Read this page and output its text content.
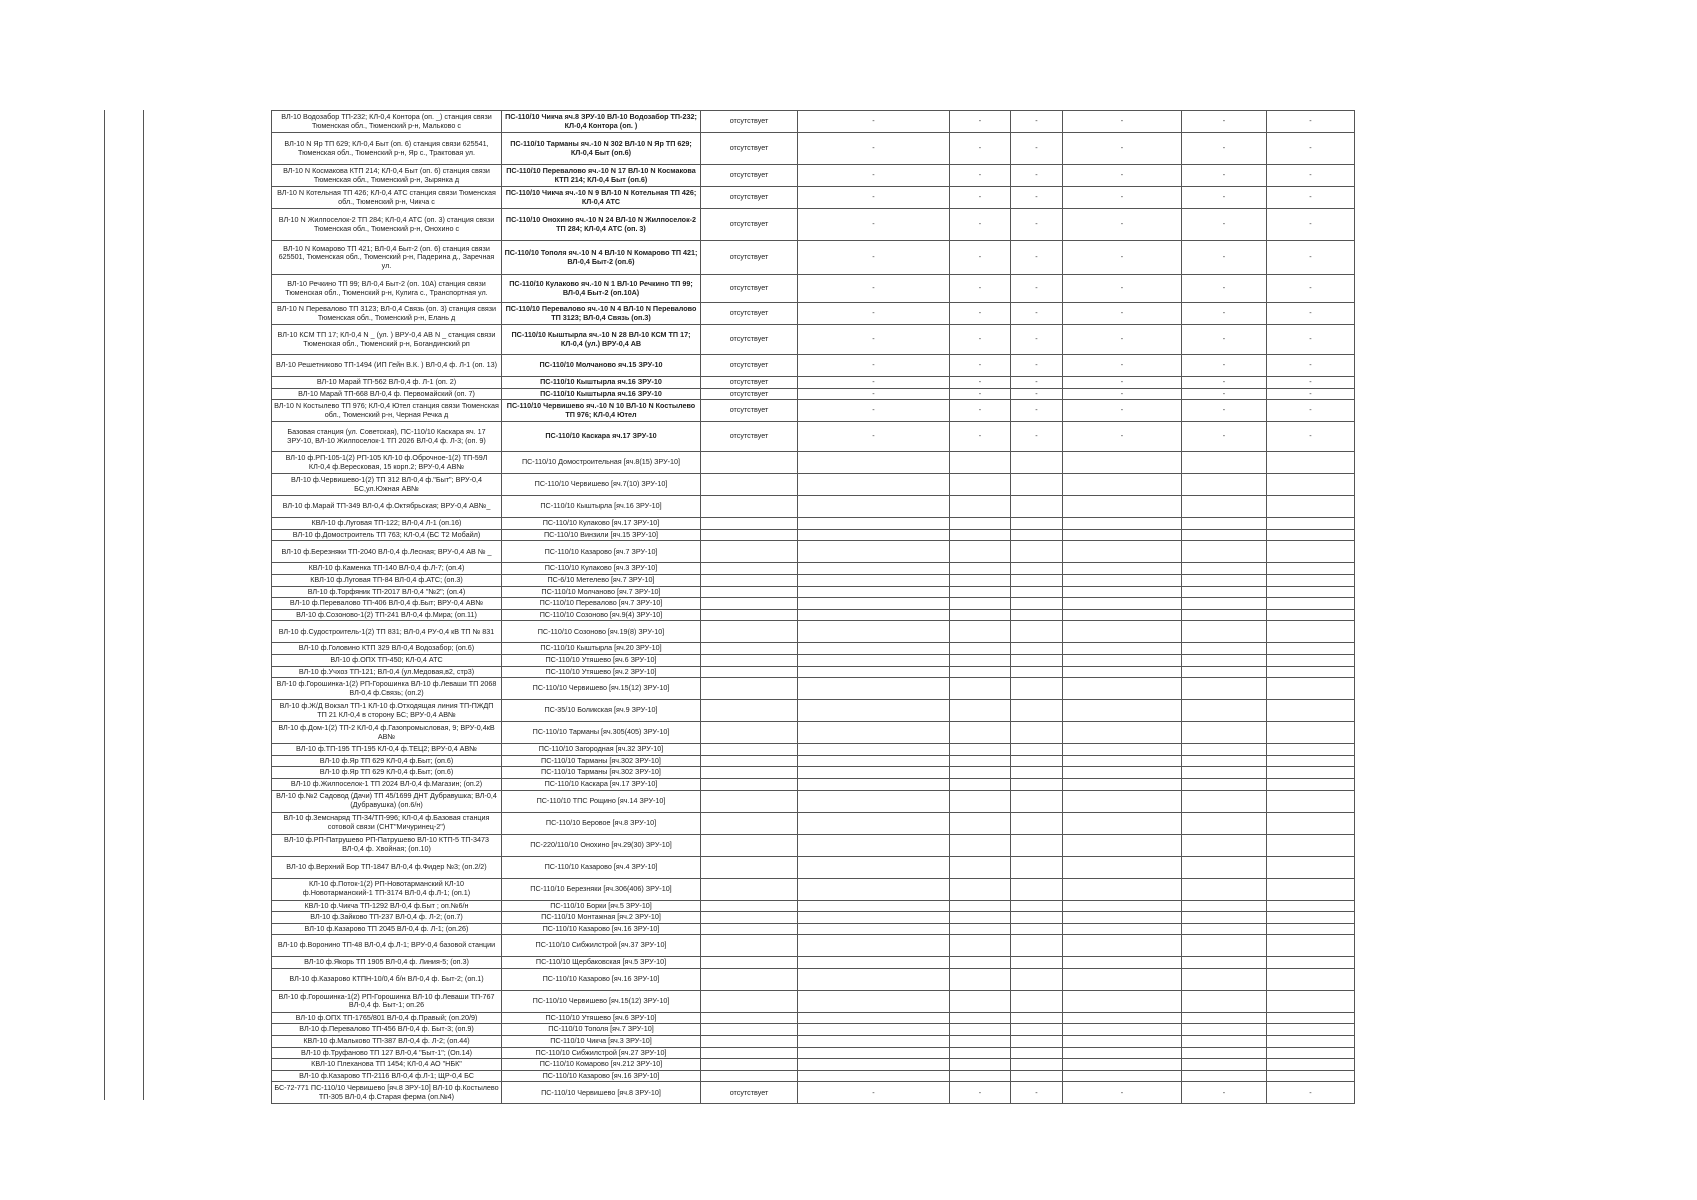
ВЛ-10 Водозабор ТП-232; КЛ-0,4 Контора (оп. _) станция связи Тюменская обл., Тюменский р-н, Мальково с	ПС-110/10 Чикча яч.8 ЗРУ-10 ВЛ-10 Водозабор ТП-232; КЛ-0,4 Контора (оп. )	отсутствует	-	-	-	-	-	-
ВЛ-10 N Яр ТП 629; КЛ-0,4 Быт (оп. 6) станция связи 625541, Тюменская обл., Тюменский р-н, Яр с., Трактовая ул.	ПС-110/10 Тарманы яч.-10 N 302 ВЛ-10 N Яр ТП 629; КЛ-0,4 Быт (оп.6)	отсутствует	-	-	-	-	-	-
ВЛ-10 N Космакова КТП 214; КЛ-0,4 Быт (оп. 6) станция связи Тюменская обл., Тюменский р-н, Зырянка д	ПС-110/10 Перевалово яч.-10 N 17 ВЛ-10 N Космакова КТП 214; КЛ-0,4 Быт (оп.6)	отсутствует	-	-	-	-	-	-
ВЛ-10 N Котельная ТП 426; КЛ-0,4 АТС станция связи Тюменская обл., Тюменский р-н, Чикча с	ПС-110/10 Чикча яч.-10 N 9 ВЛ-10 N Котельная ТП 426; КЛ-0,4 АТС	отсутствует	-	-	-	-	-	-
ВЛ-10 N Жилпоселок-2 ТП 284; КЛ-0,4 АТС (оп. 3) станция связи Тюменская обл., Тюменский р-н, Онохино с	ПС-110/10 Онохино яч.-10 N 24 ВЛ-10 N Жилпоселок-2 ТП 284; КЛ-0,4 АТС (оп. 3)	отсутствует	-	-	-	-	-	-
ВЛ-10 N Комарово ТП 421; ВЛ-0,4 Быт-2 (оп. 6) станция связи 625501, Тюменская обл., Тюменский р-н, Падерина д., Заречная ул.	ПС-110/10 Тополя яч.-10 N 4 ВЛ-10 N Комарово ТП 421; ВЛ-0,4 Быт-2 (оп.6)	отсутствует	-	-	-	-	-	-
ВЛ-10 Речкино ТП 99; ВЛ-0,4 Быт-2 (оп. 10А) станция связи Тюменская обл., Тюменский р-н, Кулига с., Транспортная ул.	ПС-110/10 Кулаково яч.-10 N 1 ВЛ-10 Речкино ТП 99; ВЛ-0,4 Быт-2 (оп.10А)	отсутствует	-	-	-	-	-	-
ВЛ-10 N Перевалово ТП 3123; ВЛ-0,4 Связь (оп. 3) станция связи Тюменская обл., Тюменский р-н, Елань д	ПС-110/10 Перевалово яч.-10 N 4 ВЛ-10 N Перевалово ТП 3123; ВЛ-0,4 Связь (оп.3)	отсутствует	-	-	-	-	-	-
ВЛ-10 КСМ ТП 17; КЛ-0,4 N _ (ул. ) ВРУ-0,4 АВ N _ станция связи Тюменская обл., Тюменский р-н, Богандинский рп	ПС-110/10 Кыштырла яч.-10 N 28 ВЛ-10 КСМ ТП 17; КЛ-0,4 (ул.) ВРУ-0,4 АВ	отсутствует	-	-	-	-	-	-
ВЛ-10 Решетниково ТП-1494 (ИП Гейн В.К. ) ВЛ-0,4 ф. Л-1 (оп. 13)	ПС-110/10 Молчаново яч.15 ЗРУ-10	отсутствует	-	-	-	-	-	-
ВЛ-10 Марай ТП-562 ВЛ-0,4 ф. Л-1 (оп. 2)	ПС-110/10 Кыштырла яч.16 ЗРУ-10	отсутствует	-	-	-	-	-	-
ВЛ-10 Марай ТП-668 ВЛ-0,4 ф. Первомайский (оп. 7)	ПС-110/10 Кыштырла яч.16 ЗРУ-10	отсутствует	-	-	-	-	-	-
ВЛ-10 N Костылево ТП 976; КЛ-0,4 Ютел станция связи Тюменская обл., Тюменский р-н, Черная Речка д	ПС-110/10 Червишево яч.-10 N 10 ВЛ-10 N Костылево ТП 976; КЛ-0,4 Ютел	отсутствует	-	-	-	-	-	-
Базовая станция (ул. Советская), ПС-110/10 Каскара яч. 17 ЗРУ-10, ВЛ-10 Жилпоселок-1 ТП 2026 ВЛ-0,4 ф. Л-3; (оп. 9)	ПС-110/10 Каскара яч.17 ЗРУ-10	отсутствует	-	-	-	-	-	-
ВЛ-10 ф.РП-105-1(2) РП-105 КЛ-10 ф.Оброчное-1(2) ТП-59Л КЛ-0,4 ф.Вересковая, 15 корп.2; ВРУ-0,4 АВ№	ПС-110/10 Домостроительная [яч.8(15) ЗРУ-10]							
ВЛ-10 ф.Червишево-1(2) ТП 312 ВЛ-0,4 ф."Быт"; ВРУ-0,4 БС,ул.Южная АВ№	ПС-110/10 Червишево [яч.7(10) ЗРУ-10]							
ВЛ-10 ф.Марай ТП-349 ВЛ-0,4 ф.Октябрьская; ВРУ-0,4 АВ№_	ПС-110/10 Кыштырла [яч.16 ЗРУ-10]							
КВЛ-10 ф.Луговая ТП-122; ВЛ-0,4 Л-1 (оп.16)	ПС-110/10 Кулаково [яч.17 ЗРУ-10]							
ВЛ-10 ф.Домостроитель ТП 763; КЛ-0,4 (БС Т2 Мобайл)	ПС-110/10 Винзили [яч.15 ЗРУ-10]							
ВЛ-10 ф.Березняки ТП-2040 ВЛ-0,4 ф.Лесная; ВРУ-0,4 АВ № _	ПС-110/10 Казарово [яч.7 ЗРУ-10]							
КВЛ-10 ф.Каменка ТП-140 ВЛ-0,4 ф.Л-7; (оп.4)	ПС-110/10 Кулаково [яч.3 ЗРУ-10]							
КВЛ-10 ф.Луговая ТП-84 ВЛ-0,4 ф.АТС; (оп.3)	ПС-6/10 Метелево [яч.7 ЗРУ-10]							
ВЛ-10 ф.Торфяник ТП-2017 ВЛ-0,4 "№2"; (оп.4)	ПС-110/10 Молчаново [яч.7 ЗРУ-10]							
ВЛ-10 ф.Перевалово ТП-406 ВЛ-0,4 ф.Быт; ВРУ-0,4 АВ№	ПС-110/10 Перевалово [яч.7 ЗРУ-10]							
ВЛ-10 ф.Созоново-1(2) ТП-241 ВЛ-0,4 ф.Мира; (оп.11)	ПС-110/10 Созоново [яч.9(4) ЗРУ-10]							
ВЛ-10 ф.Судостроитель-1(2) ТП 831; ВЛ-0,4 РУ-0,4 кВ ТП № 831	ПС-110/10 Созоново [яч.19(8) ЗРУ-10]							
ВЛ-10 ф.Головино КТП 329 ВЛ-0,4 Водозабор; (оп.6)	ПС-110/10 Кыштырла [яч.20 ЗРУ-10]							
ВЛ-10 ф.ОПХ ТП-450; КЛ-0,4 АТС	ПС-110/10 Утяшево [яч.6 ЗРУ-10]							
ВЛ-10 ф.Учхоз ТП-121; ВЛ-0,4 (ул.Медовая,в2, стр3)	ПС-110/10 Утяшево [яч.2 ЗРУ-10]							
ВЛ-10 ф.Горошинка-1(2) РП-Горошинка ВЛ-10 ф.Леваши ТП 2068 ВЛ-0,4 ф.Связь; (оп.2)	ПС-110/10 Червишево [яч.15(12) ЗРУ-10]							
ВЛ-10 ф.Ж/Д Вокзал ТП-1 КЛ-10 ф.Отходящая линия ТП-ПЖДП ТП 21 КЛ-0,4 в сторону БС; ВРУ-0,4 АВ№	ПС-35/10 Боликская [яч.9 ЗРУ-10]							
ВЛ-10 ф.Дом-1(2) ТП-2 КЛ-0,4 ф.Газопромысловая, 9; ВРУ-0,4кВ АВ№	ПС-110/10 Тарманы [яч.305(405) ЗРУ-10]							
ВЛ-10 ф.ТП-195 ТП-195 КЛ-0,4 ф.ТЕЦ2; ВРУ-0,4 АВ№	ПС-110/10 Загородная [яч.32 ЗРУ-10]							
ВЛ-10 ф.Яр ТП 629 КЛ-0,4 ф.Быт; (оп.6)	ПС-110/10 Тарманы [яч.302 ЗРУ-10]							
ВЛ-10 ф.Яр ТП 629 КЛ-0,4 ф.Быт; (оп.6)	ПС-110/10 Тарманы [яч.302 ЗРУ-10]							
ВЛ-10 ф.Жилпоселок-1 ТП 2024 ВЛ-0,4 ф.Магазин; (оп.2)	ПС-110/10 Каскара [яч.17 ЗРУ-10]							
ВЛ-10 ф.№2 Садовод (Дачи) ТП 45/1699 ДНТ Дубравушка; ВЛ-0,4 (Дубравушка) (оп.6/н)	ПС-110/10 ТПС Рощино [яч.14 ЗРУ-10]							
ВЛ-10 ф.Земснаряд ТП-34/ТП-996; КЛ-0,4 ф.Базовая станция сотовой связи (СНТ"Мичуринец-2")	ПС-110/10 Беровое [яч.8 ЗРУ-10]							
ВЛ-10 ф.РП-Патрушево РП-Патрушево ВЛ-10 КТП-5 ТП-3473 ВЛ-0,4 ф. Хвойная; (оп.10)	ПС-220/110/10 Онохино [яч.29(30) ЗРУ-10]							
ВЛ-10 ф.Верхний Бор ТП-1847 ВЛ-0,4 ф.Фидер №3; (оп.2/2)	ПС-110/10 Казарово [яч.4 ЗРУ-10]							
КЛ-10 ф.Поток-1(2) РП-Новотарманский КЛ-10 ф.Новотарманский-1 ТП-3174 ВЛ-0,4 ф.Л-1; (оп.1)	ПС-110/10 Березняки [яч.306(406) ЗРУ-10]							
КВЛ-10 ф.Чикча ТП-1292 ВЛ-0,4 ф.Быт ; оп.№6/н	ПС-110/10 Борки [яч.5 ЗРУ-10]							
ВЛ-10 ф.Зайково ТП-237 ВЛ-0,4 ф. Л-2; (оп.7)	ПС-110/10 Монтажная [яч.2 ЗРУ-10]							
ВЛ-10 ф.Казарово ТП 2045 ВЛ-0,4 ф. Л-1; (оп.26)	ПС-110/10 Казарово [яч.16 ЗРУ-10]							
ВЛ-10 ф.Воронино ТП-48 ВЛ-0,4 ф.Л-1; ВРУ-0,4 базовой станции	ПС-110/10 Сибжилстрой [яч.37 ЗРУ-10]							
ВЛ-10 ф.Якорь ТП 1905 ВЛ-0,4 ф. Линия-5; (оп.3)	ПС-110/10 Щербаковская [яч.5 ЗРУ-10]							
ВЛ-10 ф.Казарово КТПН-10/0,4 б/н ВЛ-0,4 ф. Быт-2; (оп.1)	ПС-110/10 Казарово [яч.16 ЗРУ-10]							
ВЛ-10 ф.Горошинка-1(2) РП-Горошинка ВЛ-10 ф.Леваши ТП-767 ВЛ-0,4 ф. Быт-1; оп.26	ПС-110/10 Червишево [яч.15(12) ЗРУ-10]							
ВЛ-10 ф.ОПХ ТП-1765/801 ВЛ-0,4 ф.Правый; (оп.20/9)	ПС-110/10 Утяшево [яч.6 ЗРУ-10]							
ВЛ-10 ф.Перевалово ТП-456 ВЛ-0,4 ф. Быт-3; (оп.9)	ПС-110/10 Тополя [яч.7 ЗРУ-10]							
КВЛ-10 ф.Мальково ТП-387 ВЛ-0,4 ф. Л-2; (оп.44)	ПС-110/10 Чикча [яч.3 ЗРУ-10]							
ВЛ-10 ф.Труфаново ТП 127 ВЛ-0,4 "Быт-1"; (Оп.14)	ПС-110/10 Сибжилстрой [яч.27 ЗРУ-10]							
КВЛ-10 Плеханова ТП 1454; КЛ-0,4 АО "НБК"	ПС-110/10 Комарово [яч.212 ЗРУ-10]							
ВЛ-10 ф.Казарово ТП-2116 ВЛ-0,4 ф.Л-1; ЩР-0,4 БС	ПС-110/10 Казарово [яч.16 ЗРУ-10]							
БС-72-771 ПС-110/10 Червишево [яч.8 ЗРУ-10] ВЛ-10 ф.Костылево ТП-305 ВЛ-0,4 ф.Старая ферма (оп.№4)	ПС-110/10 Червишево [яч.8 ЗРУ-10]	отсутствует	-	-	-	-	-	-
